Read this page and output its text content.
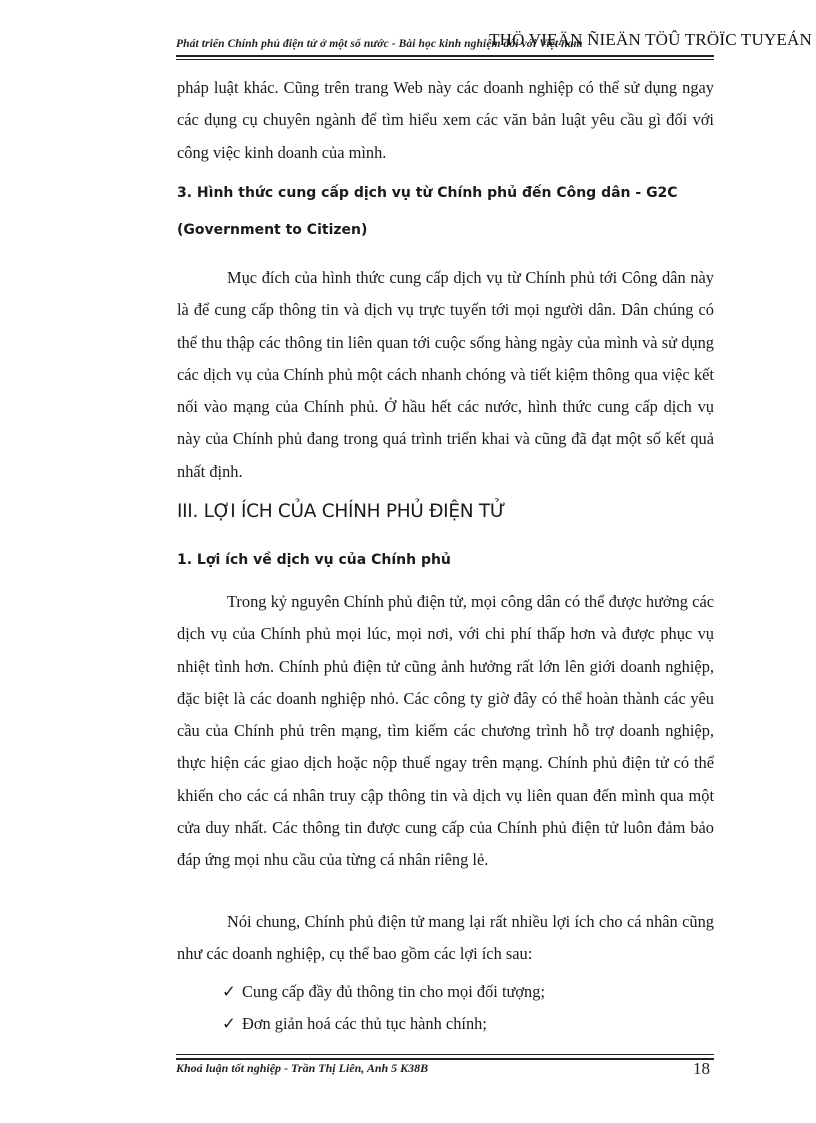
Phát triển Chính phủ điện tử ở một số nước - Bài học kinh nghiệm đối với Việt nam
THÖ VIEÄN ÑIEÄN TÖÛ TRÖÏC TUYEÁN

pháp luật khác. Cũng trên trang Web này các doanh nghiệp có thể sử dụng ngay các dụng cụ chuyên ngành để tìm hiểu xem các văn bản luật yêu cầu gì đối với công việc kinh doanh của mình.

3. Hình thức cung cấp dịch vụ từ Chính phủ đến Công dân - G2C
(Government to Citizen)

Mục đích của hình thức cung cấp dịch vụ từ Chính phủ tới Công dân này là để cung cấp thông tin và dịch vụ trực tuyến tới mọi người dân. Dân chúng có thể thu thập các thông tin liên quan tới cuộc sống hàng ngày của mình và sử dụng các dịch vụ của Chính phủ một cách nhanh chóng và tiết kiệm thông qua việc kết nối vào mạng của Chính phủ. Ở hầu hết các nước, hình thức cung cấp dịch vụ này của Chính phủ đang trong quá trình triển khai và cũng đã đạt một số kết quả nhất định.

III. LỢI ÍCH CỦA CHÍNH PHỦ ĐIỆN TỬ
1. Lợi ích về dịch vụ của Chính phủ

Trong kỷ nguyên Chính phủ điện tử, mọi công dân có thể được hưởng các dịch vụ của Chính phủ mọi lúc, mọi nơi, với chi phí thấp hơn và được phục vụ nhiệt tình hơn. Chính phủ điện tử cũng ảnh hưởng rất lớn lên giới doanh nghiệp, đặc biệt là các doanh nghiệp nhỏ. Các công ty giờ đây có thể hoàn thành các yêu cầu của Chính phủ trên mạng, tìm kiếm các chương trình hỗ trợ doanh nghiệp, thực hiện các giao dịch hoặc nộp thuế ngay trên mạng. Chính phủ điện tử có thể khiến cho các cá nhân truy cập thông tin và dịch vụ liên quan đến mình qua một cửa duy nhất. Các thông tin được cung cấp của Chính phủ điện tử luôn đảm bảo đáp ứng mọi nhu cầu của từng cá nhân riêng lẻ.

Nói chung, Chính phủ điện tử mang lại rất nhiều lợi ích cho cá nhân cũng như các doanh nghiệp, cụ thể bao gồm các lợi ích sau:

✓ Cung cấp đầy đủ thông tin cho mọi đối tượng;
✓ Đơn giản hoá các thủ tục hành chính;
Khoá luận tốt nghiệp - Trần Thị Liên, Anh 5 K38B	18
